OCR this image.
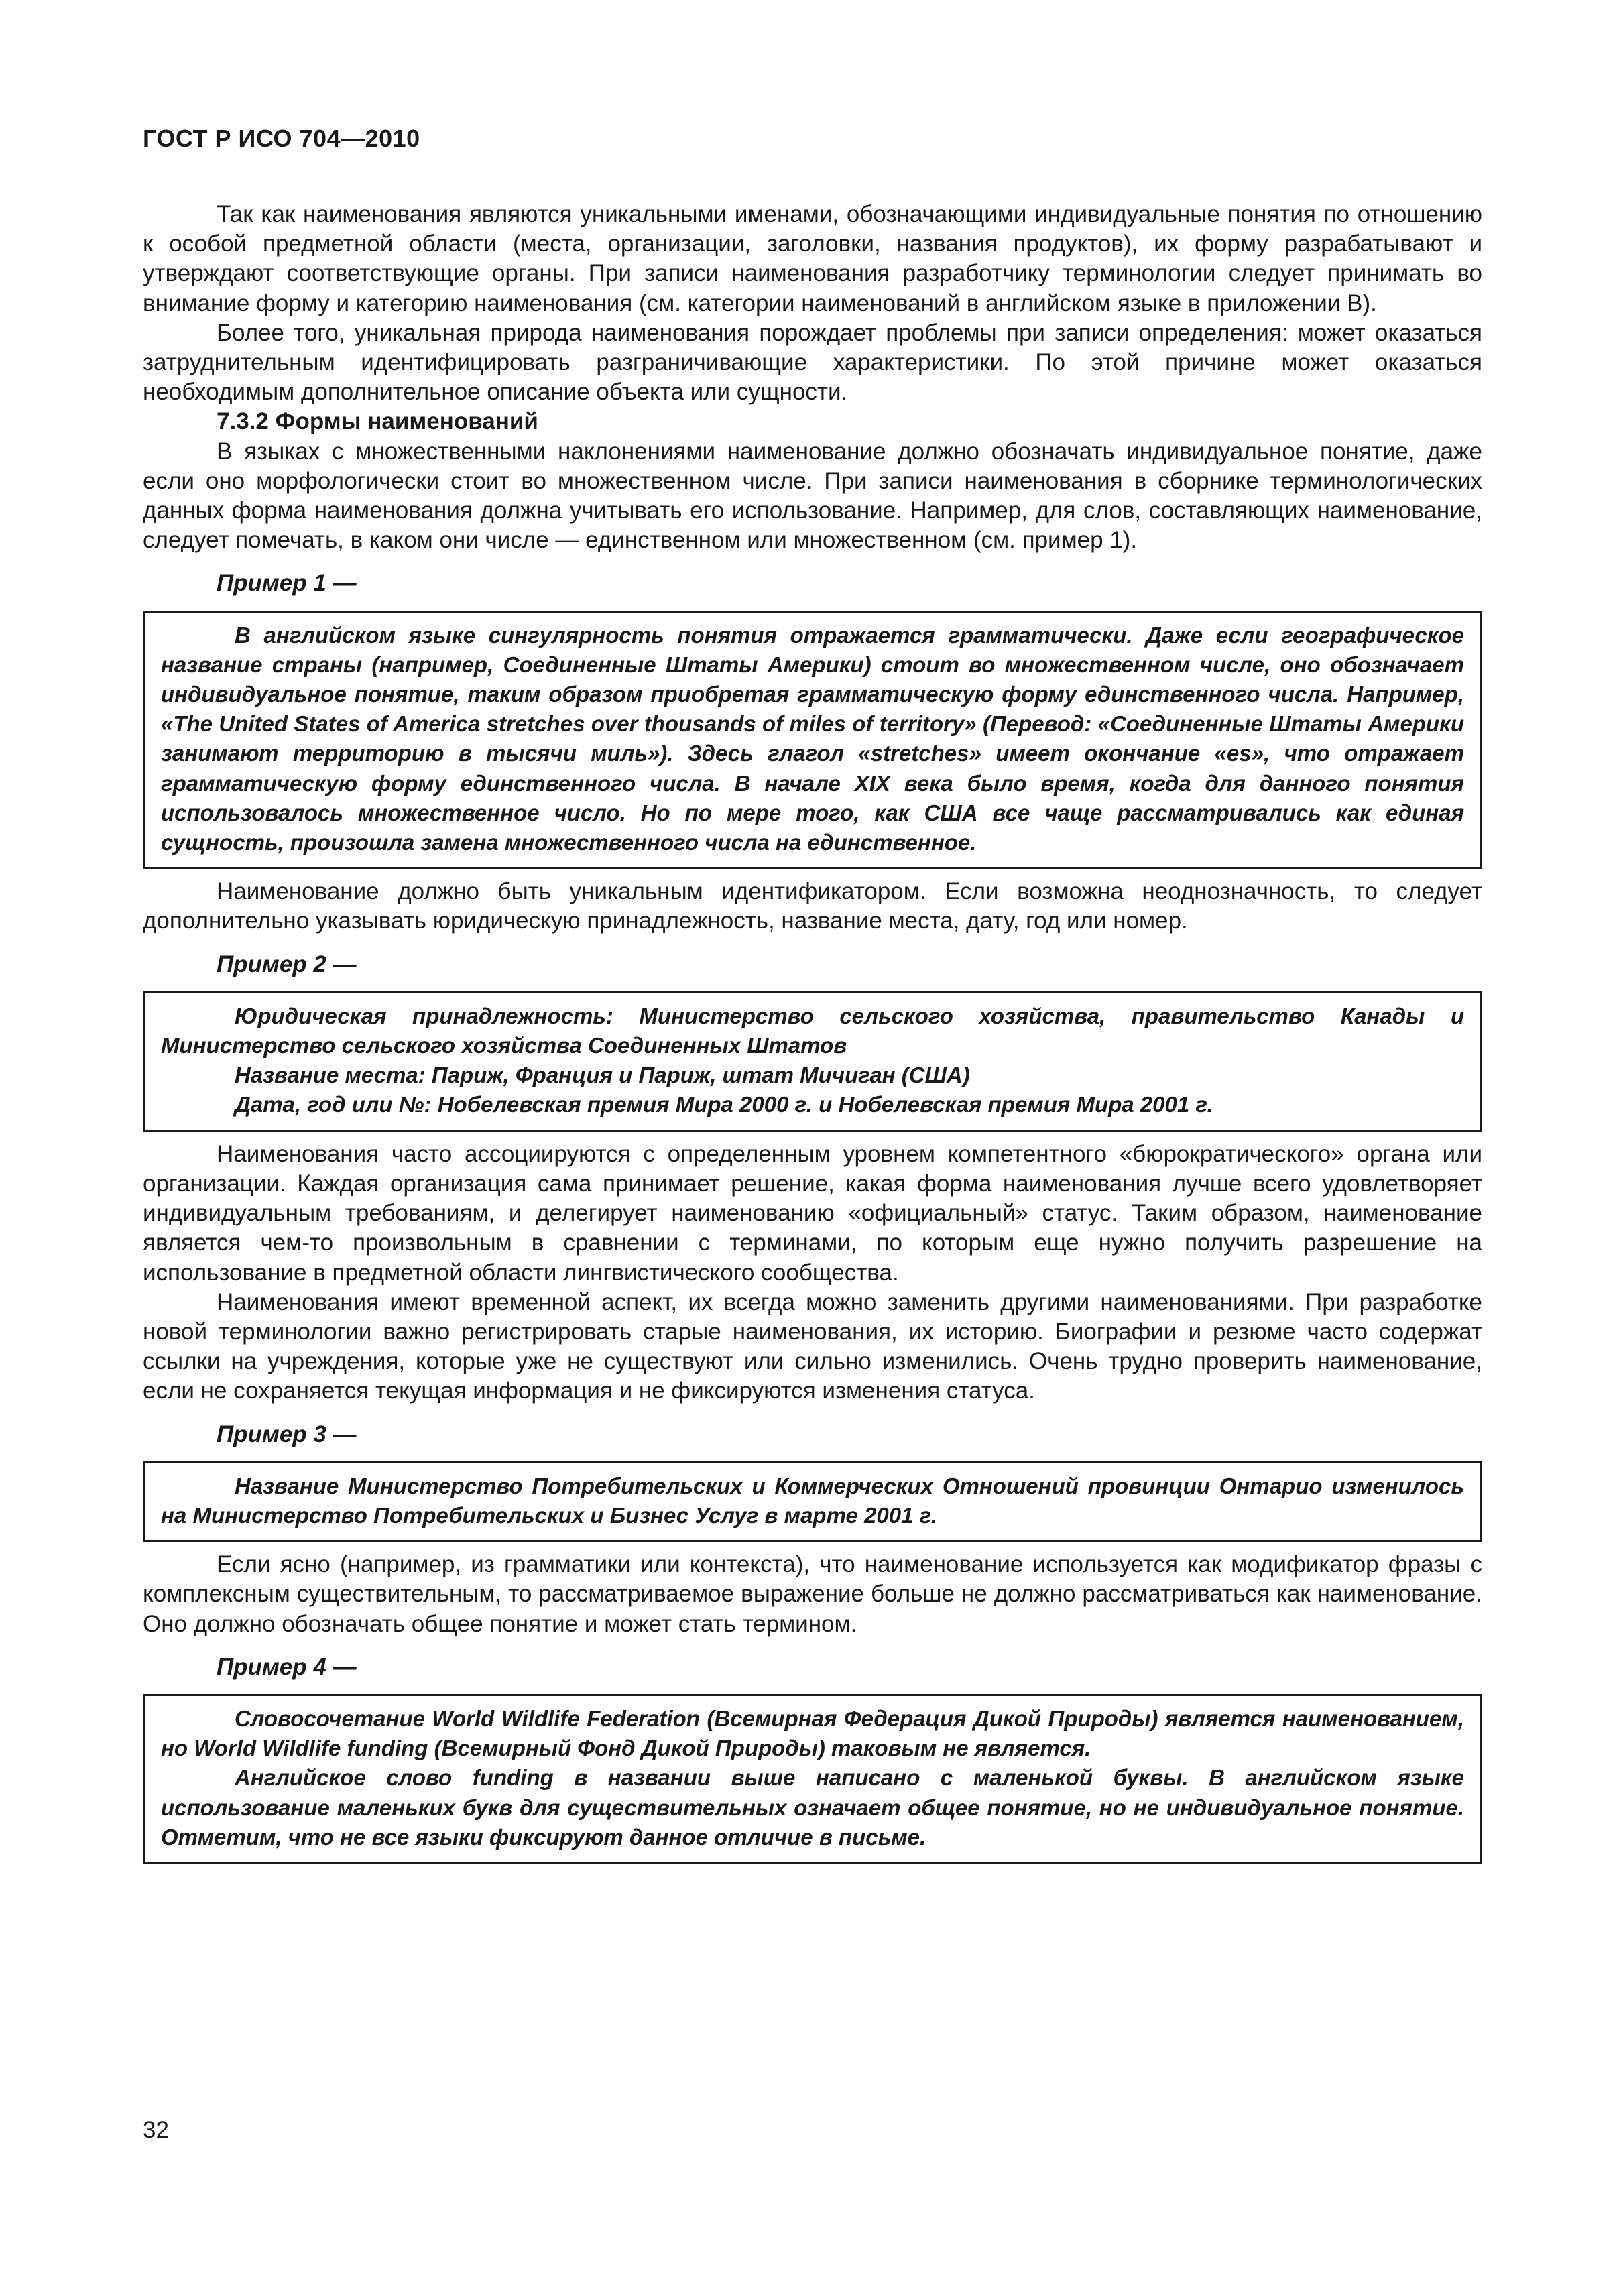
ГОСТ Р ИСО 704—2010

Так как наименования являются уникальными именами, обозначающими индивидуальные понятия по отношению к особой предметной области (места, организации, заголовки, названия продуктов), их форму разрабатывают и утверждают соответствующие органы. При записи наименования разработчику терминологии следует принимать во внимание форму и категорию наименования (см. категории наименований в английском языке в приложении В).

Более того, уникальная природа наименования порождает проблемы при записи определения: может оказаться затруднительным идентифицировать разграничивающие характеристики. По этой причине может оказаться необходимым дополнительное описание объекта или сущности.

7.3.2 Формы наименований

В языках с множественными наклонениями наименование должно обозначать индивидуальное понятие, даже если оно морфологически стоит во множественном числе. При записи наименования в сборнике терминологических данных форма наименования должна учитывать его использование. Например, для слов, составляющих наименование, следует помечать, в каком они числе — единственном или множественном (см. пример 1).

Пример 1 —

В английском языке сингулярность понятия отражается грамматически. Даже если географическое название страны (например, Соединенные Штаты Америки) стоит во множественном числе, оно обозначает индивидуальное понятие, таким образом приобретая грамматическую форму единственного числа. Например, «The United States of America stretches over thousands of miles of territory» (Перевод: «Соединенные Штаты Америки занимают территорию в тысячи миль»). Здесь глагол «stretches» имеет окончание «es», что отражает грамматическую форму единственного числа. В начале XIX века было время, когда для данного понятия использовалось множественное число. Но по мере того, как США все чаще рассматривались как единая сущность, произошла замена множественного числа на единственное.

Наименование должно быть уникальным идентификатором. Если возможна неоднозначность, то следует дополнительно указывать юридическую принадлежность, название места, дату, год или номер.

Пример 2 —

Юридическая принадлежность: Министерство сельского хозяйства, правительство Канады и Министерство сельского хозяйства Соединенных Штатов

Название места: Париж, Франция и Париж, штат Мичиган (США)

Дата, год или №: Нобелевская премия Мира 2000 г. и Нобелевская премия Мира 2001 г.

Наименования часто ассоциируются с определенным уровнем компетентного «бюрократического» органа или организации. Каждая организация сама принимает решение, какая форма наименования лучше всего удовлетворяет индивидуальным требованиям, и делегирует наименованию «официальный» статус. Таким образом, наименование является чем-то произвольным в сравнении с терминами, по которым еще нужно получить разрешение на использование в предметной области лингвистического сообщества.

Наименования имеют временной аспект, их всегда можно заменить другими наименованиями. При разработке новой терминологии важно регистрировать старые наименования, их историю. Биографии и резюме часто содержат ссылки на учреждения, которые уже не существуют или сильно изменились. Очень трудно проверить наименование, если не сохраняется текущая информация и не фиксируются изменения статуса.

Пример 3 —

Название Министерство Потребительских и Коммерческих Отношений провинции Онтарио изменилось на Министерство Потребительских и Бизнес Услуг в марте 2001 г.

Если ясно (например, из грамматики или контекста), что наименование используется как модификатор фразы с комплексным существительным, то рассматриваемое выражение больше не должно рассматриваться как наименование. Оно должно обозначать общее понятие и может стать термином.

Пример 4 —

Словосочетание World Wildlife Federation (Всемирная Федерация Дикой Природы) является наименованием, но World Wildlife funding (Всемирный Фонд Дикой Природы) таковым не является.

Английское слово funding в названии выше написано с маленькой буквы. В английском языке использование маленьких букв для существительных означает общее понятие, но не индивидуальное понятие. Отметим, что не все языки фиксируют данное отличие в письме.

32
